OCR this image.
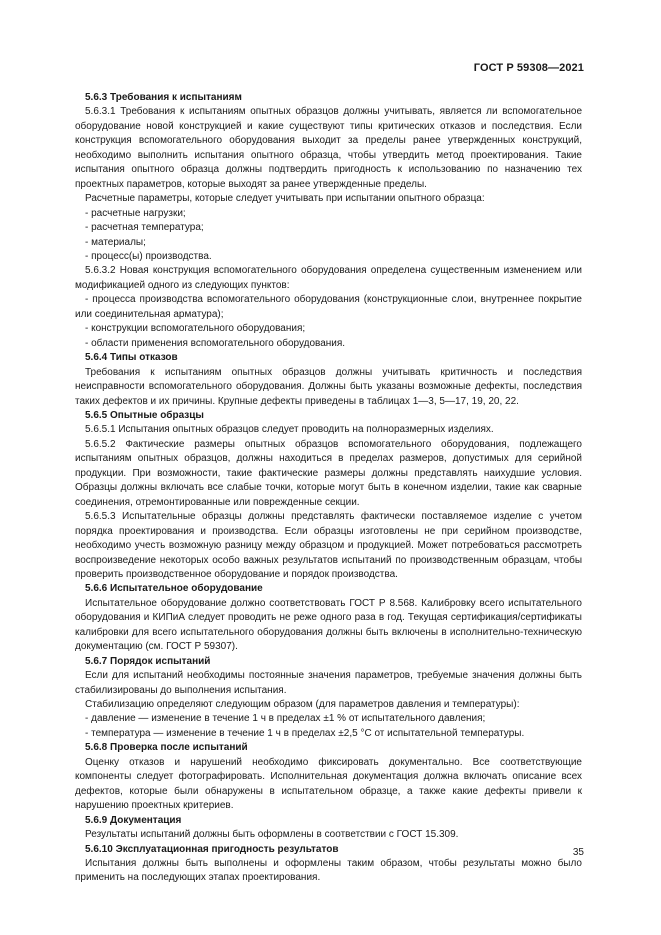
ГОСТ Р 59308—2021

5.6.3 Требования к испытаниям

5.6.3.1 Требования к испытаниям опытных образцов должны учитывать, является ли вспомогательное оборудование новой конструкцией и какие существуют типы критических отказов и последствия. Если конструкция вспомогательного оборудования выходит за пределы ранее утвержденных конструкций, необходимо выполнить испытания опытного образца, чтобы утвердить метод проектирования. Такие испытания опытного образца должны подтвердить пригодность к использованию по назначению тех проектных параметров, которые выходят за ранее утвержденные пределы.

Расчетные параметры, которые следует учитывать при испытании опытного образца:

- расчетные нагрузки;

- расчетная температура;

- материалы;

- процесс(ы) производства.

5.6.3.2 Новая конструкция вспомогательного оборудования определена существенным изменением или модификацией одного из следующих пунктов:

- процесса производства вспомогательного оборудования (конструкционные слои, внутреннее покрытие или соединительная арматура);

- конструкции вспомогательного оборудования;

- области применения вспомогательного оборудования.

5.6.4 Типы отказов

Требования к испытаниям опытных образцов должны учитывать критичность и последствия неисправности вспомогательного оборудования. Должны быть указаны возможные дефекты, последствия таких дефектов и их причины. Крупные дефекты приведены в таблицах 1—3, 5—17, 19, 20, 22.

5.6.5 Опытные образцы

5.6.5.1 Испытания опытных образцов следует проводить на полноразмерных изделиях.

5.6.5.2 Фактические размеры опытных образцов вспомогательного оборудования, подлежащего испытаниям опытных образцов, должны находиться в пределах размеров, допустимых для серийной продукции. При возможности, такие фактические размеры должны представлять наихудшие условия. Образцы должны включать все слабые точки, которые могут быть в конечном изделии, такие как сварные соединения, отремонтированные или поврежденные секции.

5.6.5.3 Испытательные образцы должны представлять фактически поставляемое изделие с учетом порядка проектирования и производства. Если образцы изготовлены не при серийном производстве, необходимо учесть возможную разницу между образцом и продукцией. Может потребоваться рассмотреть воспроизведение некоторых особо важных результатов испытаний по производственным образцам, чтобы проверить производственное оборудование и порядок производства.

5.6.6 Испытательное оборудование

Испытательное оборудование должно соответствовать ГОСТ Р 8.568. Калибровку всего испытательного оборудования и КИПиА следует проводить не реже одного раза в год. Текущая сертификация/сертификаты калибровки для всего испытательного оборудования должны быть включены в исполнительно-техническую документацию (см. ГОСТ Р 59307).

5.6.7 Порядок испытаний

Если для испытаний необходимы постоянные значения параметров, требуемые значения должны быть стабилизированы до выполнения испытания.

Стабилизацию определяют следующим образом (для параметров давления и температуры):

- давление — изменение в течение 1 ч в пределах ±1 % от испытательного давления;

- температура — изменение в течение 1 ч в пределах ±2,5 °С от испытательной температуры.

5.6.8 Проверка после испытаний

Оценку отказов и нарушений необходимо фиксировать документально. Все соответствующие компоненты следует фотографировать. Исполнительная документация должна включать описание всех дефектов, которые были обнаружены в испытательном образце, а также какие дефекты привели к нарушению проектных критериев.

5.6.9 Документация

Результаты испытаний должны быть оформлены в соответствии с ГОСТ 15.309.

5.6.10 Эксплуатационная пригодность результатов

Испытания должны быть выполнены и оформлены таким образом, чтобы результаты можно было применить на последующих этапах проектирования.

35
